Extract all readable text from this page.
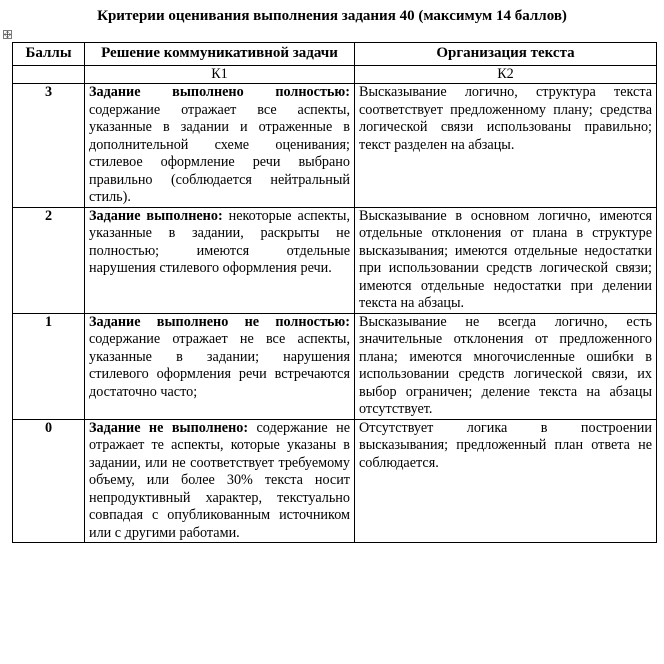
Критерии оценивания выполнения задания 40 (максимум 14 баллов)
Баллы	Решение коммуникативной задачи	Организация текста
	К1	К2
3	Задание выполнено полностью: содержание отражает все аспекты, указанные в задании и отраженные в дополнительной схеме оценивания; стилевое оформление речи выбрано правильно (соблюдается нейтральный стиль).	Высказывание логично, структура текста соответствует предложенному плану; средства логической связи использованы правильно; текст разделен на абзацы.
2	Задание выполнено: некоторые аспекты, указанные в задании, раскрыты не полностью; имеются отдельные нарушения стилевого оформления речи.	Высказывание в основном логично, имеются отдельные отклонения от плана в структуре высказывания; имеются отдельные недостатки при использовании средств логической связи; имеются отдельные недостатки при делении текста на абзацы.
1	Задание выполнено не полностью: содержание отражает не все аспекты, указанные в задании; нарушения стилевого оформления речи встречаются достаточно часто;	Высказывание не всегда логично, есть значительные отклонения от предложенного плана; имеются многочисленные ошибки в использовании средств логической связи, их выбор ограничен; деление текста на абзацы отсутствует.
0	Задание не выполнено: содержание не отражает те аспекты, которые указаны в задании, или не соответствует требуемому объему, или более 30% текста носит непродуктивный характер, текстуально совпадая с опубликованным источником или с другими работами.	Отсутствует логика в построении высказывания; предложенный план ответа не соблюдается.
